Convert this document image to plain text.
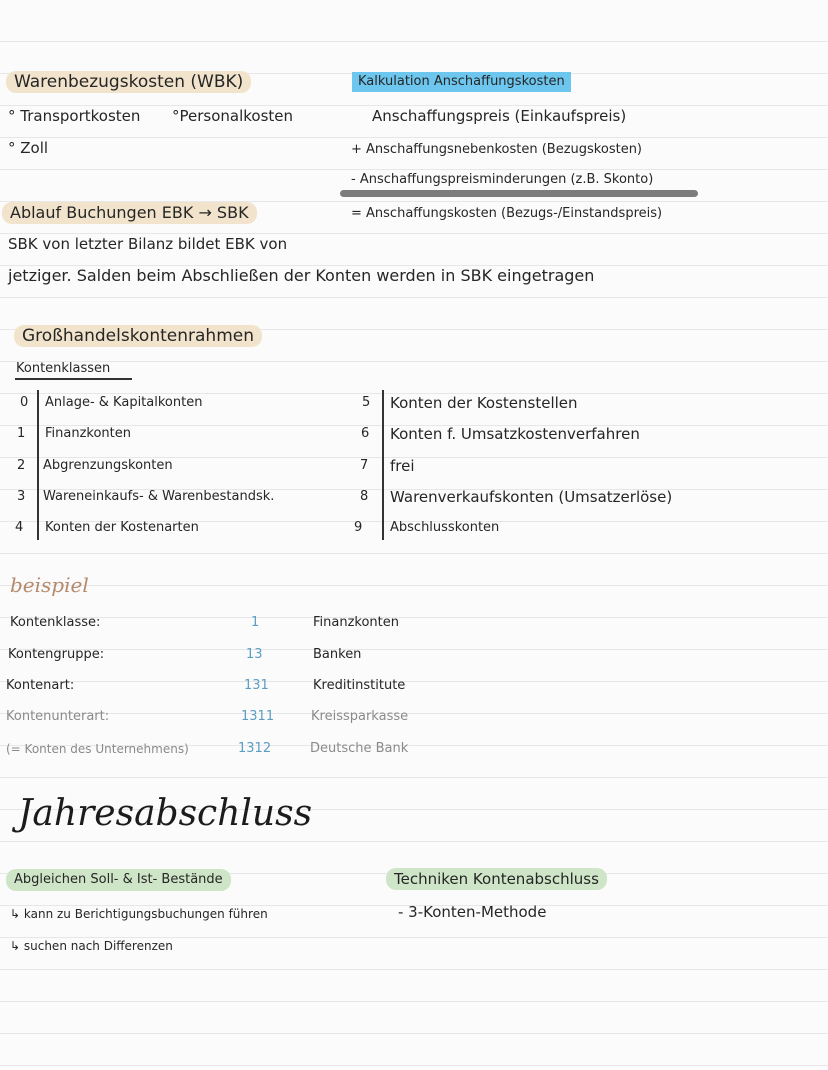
Warenbezugskosten (WBK)
° Transportkosten °Personalkosten
° Zoll
Kalkulation Anschaffungskosten
Anschaffungspreis (Einkaufspreis)
+ Anschaffungsnebenkosten (Bezugskosten)
- Anschaffungspreisminderungen (z.B. Skonto)
= Anschaffungskosten (Bezugs-/Einstandspreis)
Ablauf Buchungen EBK → SBK
SBK von letzter Bilanz bildet EBK von
jetziger. Salden beim Abschließen der Konten werden in SBK eingetragen
Großhandelskontenrahmen
Kontenklassen
0 Anlage- & Kapitalkonten
1 Finanzkonten
2 Abgrenzungskonten
3 Wareneinkaufs- & Warenbestandsk.
4 Konten der Kostenarten
5 Konten der Kostenstellen
6 Konten f. Umsatzkostenverfahren
7 frei
8 Warenverkaufskonten (Umsatzerlöse)
9 Abschlusskonten
beispiel
Kontenklasse:	1	Finanzkonten
Kontengruppe:	13	Banken
Kontenart:	131	Kreditinstitute
Kontenunterart:	1311	Kreissparkasse
(= Konten des Unternehmens)	1312	Deutsche Bank
Jahresabschluss
Abgleichen Soll- & Ist- Bestände
↳ kann zu Berichtigungsbuchungen führen
↳ suchen nach Differenzen
Techniken Kontenabschluss
- 3-Konten-Methode
